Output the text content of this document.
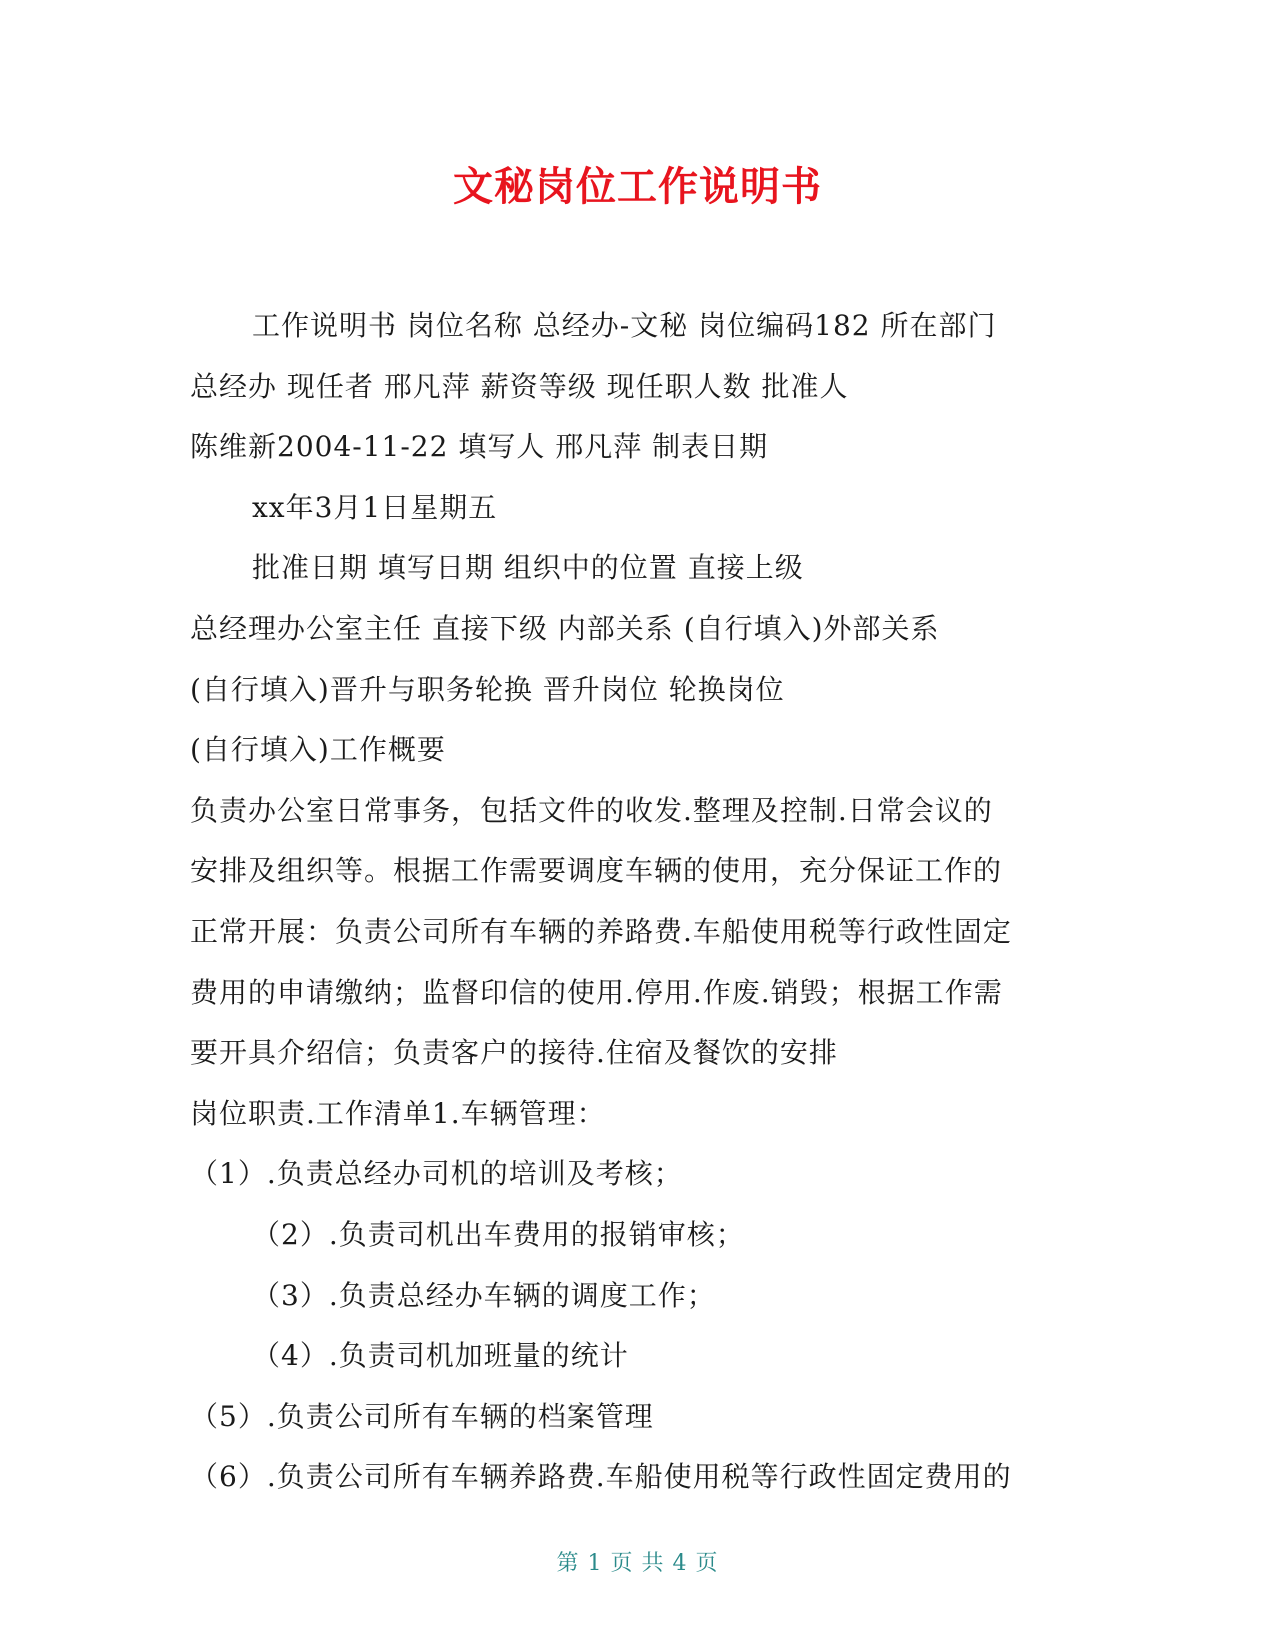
文秘岗位工作说明书
工作说明书 岗位名称 总经办-文秘 岗位编码182 所在部门
总经办 现任者 邢凡萍 薪资等级 现任职人数 批准人
陈维新2004-11-22 填写人 邢凡萍 制表日期
xx年3月1日星期五
批准日期 填写日期 组织中的位置 直接上级
总经理办公室主任 直接下级 内部关系 (自行填入)外部关系
(自行填入)晋升与职务轮换 晋升岗位 轮换岗位
(自行填入)工作概要
负责办公室日常事务，包括文件的收发.整理及控制.日常会议的
安排及组织等。根据工作需要调度车辆的使用，充分保证工作的
正常开展：负责公司所有车辆的养路费.车船使用税等行政性固定
费用的申请缴纳；监督印信的使用.停用.作废.销毁；根据工作需
要开具介绍信；负责客户的接待.住宿及餐饮的安排
岗位职责.工作清单1.车辆管理：
（1）.负责总经办司机的培训及考核；
（2）.负责司机出车费用的报销审核；
（3）.负责总经办车辆的调度工作；
（4）.负责司机加班量的统计
（5）.负责公司所有车辆的档案管理
（6）.负责公司所有车辆养路费.车船使用税等行政性固定费用的
第 1 页 共 4 页
